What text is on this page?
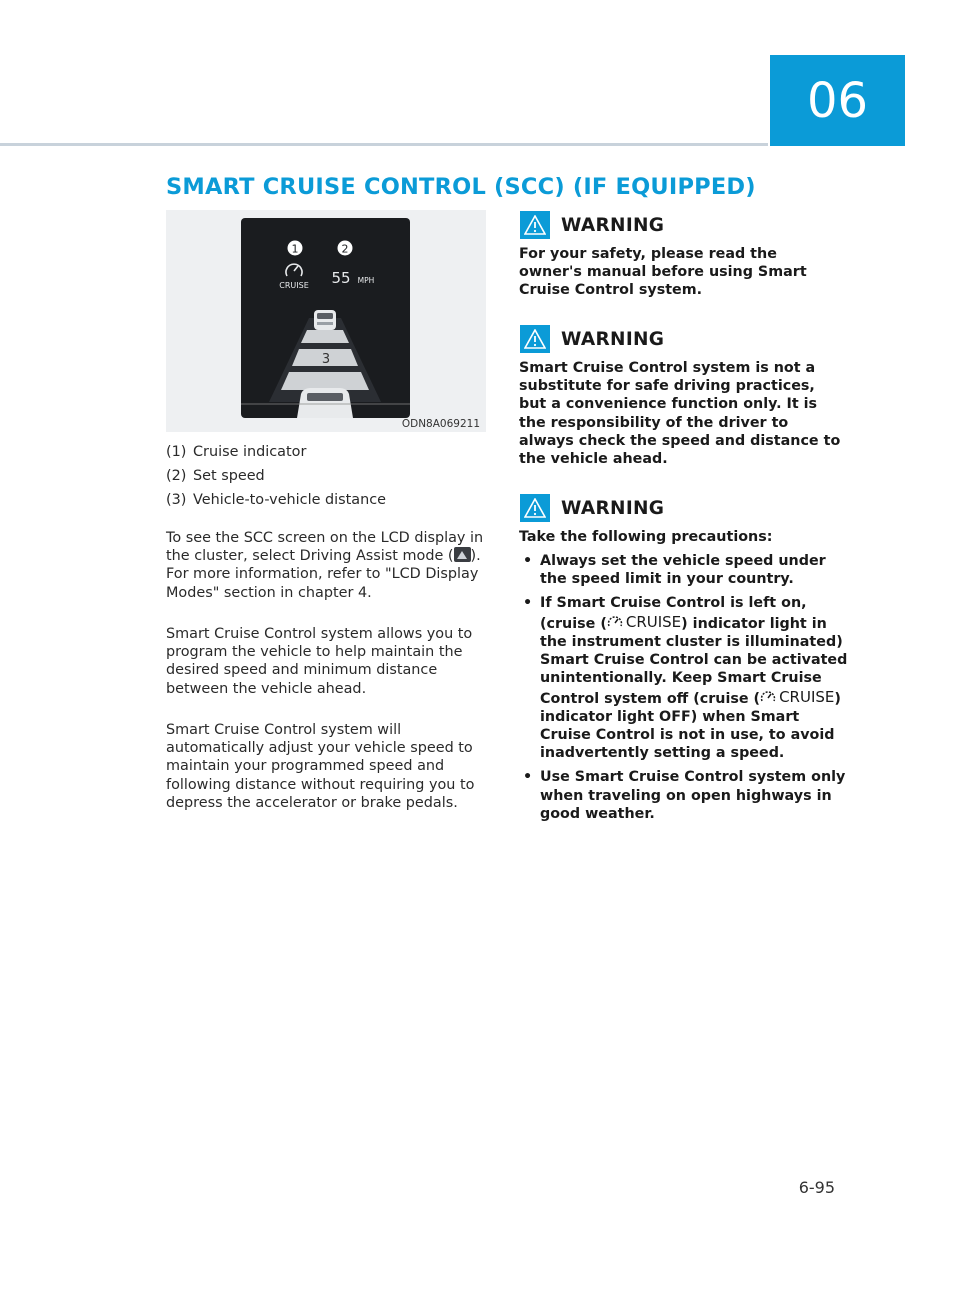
06
SMART CRUISE CONTROL (SCC) (IF EQUIPPED)
1	2
CRUISE 55 MPH
3
ODN8A069211
(1) Cruise indicator
(2) Set speed
(3) Vehicle-to-vehicle distance
To see the SCC screen on the LCD display in the cluster, select Driving Assist mode ( ). For more information, refer to "LCD Display Modes" section in chapter 4.
Smart Cruise Control system allows you to program the vehicle to help maintain the desired speed and minimum distance between the vehicle ahead.
Smart Cruise Control system will automatically adjust your vehicle speed to maintain your programmed speed and following distance without requiring you to depress the accelerator or brake pedals.
WARNING
For your safety, please read the owner's manual before using Smart Cruise Control system.
WARNING
Smart Cruise Control system is not a substitute for safe driving practices, but a convenience function only. It is the responsibility of the driver to always check the speed and distance to the vehicle ahead.
WARNING
Take the following precautions:
• Always set the vehicle speed under the speed limit in your country.
• If Smart Cruise Control is left on, (cruise ( CRUISE ) indicator light in the instrument cluster is illuminated) Smart Cruise Control can be activated unintentionally. Keep Smart Cruise Control system off (cruise ( CRUISE ) indicator light OFF) when Smart Cruise Control is not in use, to avoid inadvertently setting a speed.
• Use Smart Cruise Control system only when traveling on open highways in good weather.
6-95
